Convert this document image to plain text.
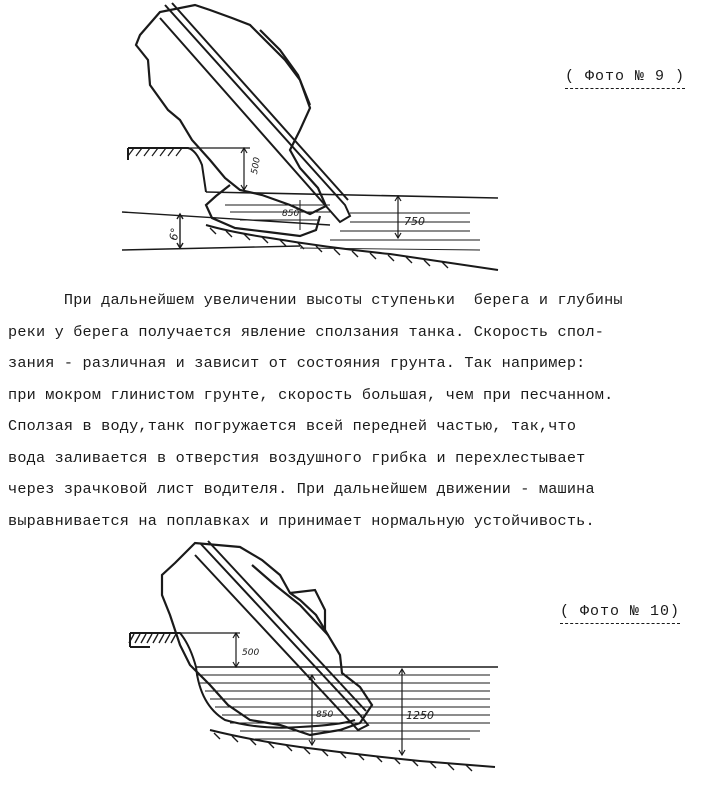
500
750
850
6°
( Фото № 9 )
При дальнейшем увеличении высоты ступеньки  берега и глубины
реки у берега получается явление сползания танка. Скорость спол-
зания - различная и зависит от состояния грунта. Так например:
при мокром глинистом грунте, скорость большая, чем при песчанном.
Сползая в воду,танк погружается всей передней частью, так,что
вода заливается в отверстия воздушного грибка и перехлестывает
через зрачковой лист водителя. При дальнейшем движении - машина
выравнивается на поплавках и принимает нормальную устойчивость.
500
1250
850
( Фото № 10)
